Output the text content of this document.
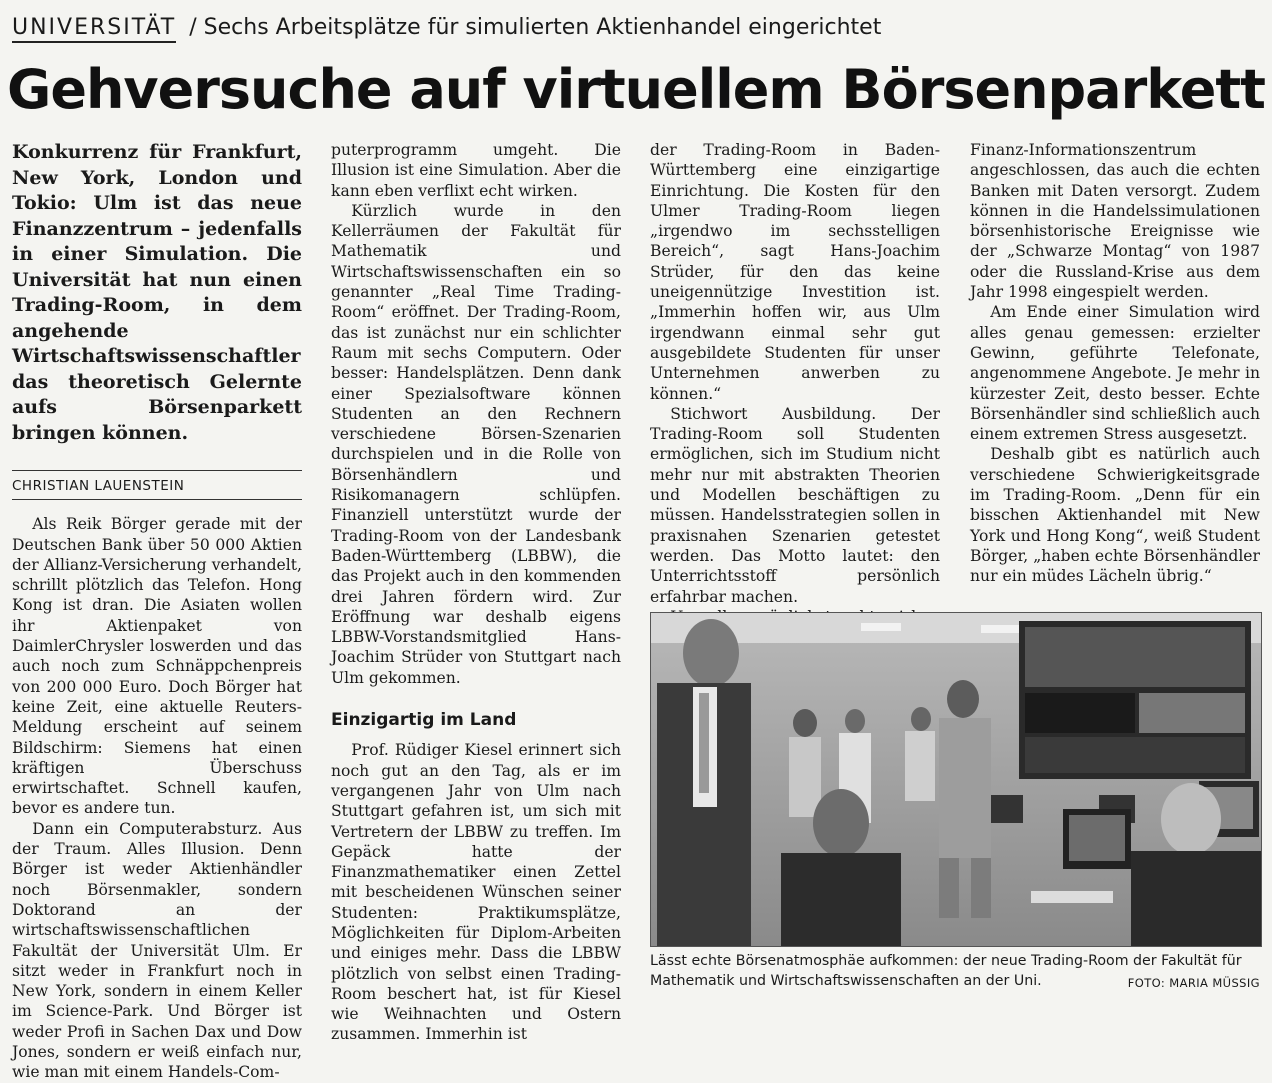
UNIVERSITÄT / Sechs Arbeitsplätze für simulierten Aktienhandel eingerichtet
Gehversuche auf virtuellem Börsenparkett

Konkurrenz für Frankfurt, New York, London und Tokio: Ulm ist das neue Finanzzentrum – jedenfalls in einer Simulation. Die Universität hat nun einen Trading-Room, in dem angehende Wirtschaftswissenschaftler das theoretisch Gelernte aufs Börsenparkett bringen können.

CHRISTIAN LAUENSTEIN

Als Reik Börger gerade mit der Deutschen Bank über 50 000 Aktien der Allianz-Versicherung verhandelt, schrillt plötzlich das Telefon. Hong Kong ist dran. Die Asiaten wollen ihr Aktienpaket von DaimlerChrysler loswerden und das auch noch zum Schnäppchenpreis von 200 000 Euro. Doch Börger hat keine Zeit, eine aktuelle Reuters-Meldung erscheint auf seinem Bildschirm: Siemens hat einen kräftigen Überschuss erwirtschaftet. Schnell kaufen, bevor es andere tun.

Dann ein Computerabsturz. Aus der Traum. Alles Illusion. Denn Börger ist weder Aktienhändler noch Börsenmakler, sondern Doktorand an der wirtschaftswissenschaftlichen Fakultät der Universität Ulm. Er sitzt weder in Frankfurt noch in New York, sondern in einem Keller im Science-Park. Und Börger ist weder Profi in Sachen Dax und Dow Jones, sondern er weiß einfach nur, wie man mit einem Handels-Com-

puterprogramm umgeht. Die Illusion ist eine Simulation. Aber die kann eben verflixt echt wirken.

Kürzlich wurde in den Kellerräumen der Fakultät für Mathematik und Wirtschaftswissenschaften ein so genannter „Real Time Trading-Room“ eröffnet. Der Trading-Room, das ist zunächst nur ein schlichter Raum mit sechs Computern. Oder besser: Handelsplätzen. Denn dank einer Spezialsoftware können Studenten an den Rechnern verschiedene Börsen-Szenarien durchspielen und in die Rolle von Börsenhändlern und Risikomanagern schlüpfen. Finanziell unterstützt wurde der Trading-Room von der Landesbank Baden-Württemberg (LBBW), die das Projekt auch in den kommenden drei Jahren fördern wird. Zur Eröffnung war deshalb eigens LBBW-Vorstandsmitglied Hans-Joachim Strüder von Stuttgart nach Ulm gekommen.

Einzigartig im Land

Prof. Rüdiger Kiesel erinnert sich noch gut an den Tag, als er im vergangenen Jahr von Ulm nach Stuttgart gefahren ist, um sich mit Vertretern der LBBW zu treffen. Im Gepäck hatte der Finanzmathematiker einen Zettel mit bescheidenen Wünschen seiner Studenten: Praktikumsplätze, Möglichkeiten für Diplom-Arbeiten und einiges mehr. Dass die LBBW plötzlich von selbst einen Trading-Room beschert hat, ist für Kiesel wie Weihnachten und Ostern zusammen. Immerhin ist

der Trading-Room in Baden-Württemberg eine einzigartige Einrichtung. Die Kosten für den Ulmer Trading-Room liegen „irgendwo im sechsstelligen Bereich“, sagt Hans-Joachim Strüder, für den das keine uneigennützige Investition ist. „Immerhin hoffen wir, aus Ulm irgendwann einmal sehr gut ausgebildete Studenten für unser Unternehmen anwerben zu können.“

Stichwort Ausbildung. Der Trading-Room soll Studenten ermöglichen, sich im Studium nicht mehr nur mit abstrakten Theorien und Modellen beschäftigen zu müssen. Handelsstrategien sollen in praxisnahen Szenarien getestet werden. Das Motto lautet: den Unterrichtsstoff persönlich erfahrbar machen.

Finanz-Informationszentrum angeschlossen, das auch die echten Banken mit Daten versorgt. Zudem können in die Handelssimulationen börsenhistorische Ereignisse wie der „Schwarze Montag“ von 1987 oder die Russland-Krise aus dem Jahr 1998 eingespielt werden.

Am Ende einer Simulation wird alles genau gemessen: erzielter Gewinn, geführte Telefonate, angenommene Angebote. Je mehr in kürzester Zeit, desto besser. Echte Börsenhändler sind schließlich auch einem extremen Stress ausgesetzt.

Deshalb gibt es natürlich auch verschiedene Schwierigkeitsgrade im Trading-Room. „Denn für ein bisschen Aktienhandel mit New York und Hong Kong“, weiß Student Börger, „haben echte Börsenhändler nur ein müdes Lächeln übrig.“

Lässt echte Börsenatmosphäe aufkommen: der neue Trading-Room der Fakultät für Mathematik und Wirtschaftswissenschaften an der Uni.	FOTO: MARIA MÜSSIG
